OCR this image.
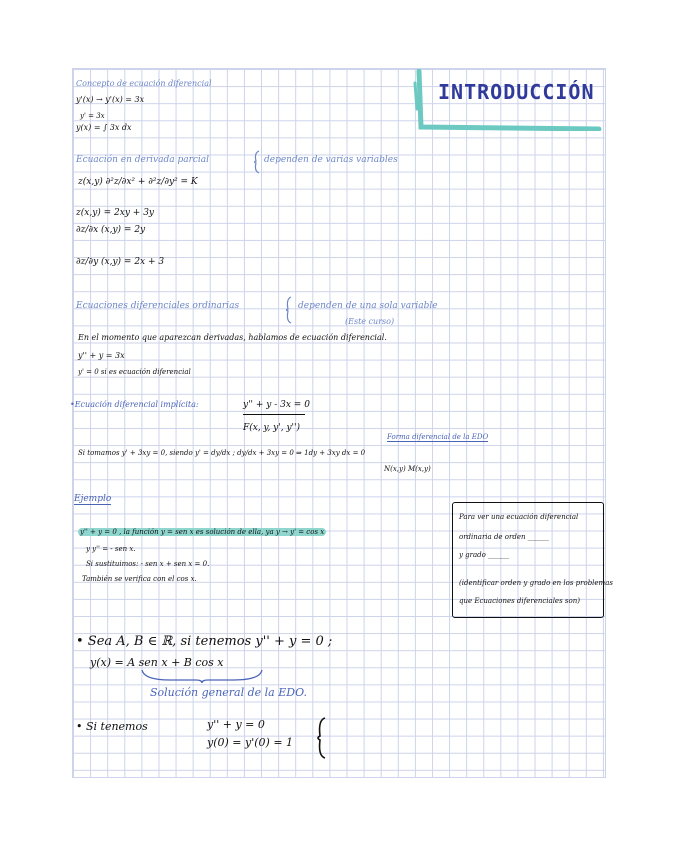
INTRODUCCIÓN
Concepto de ecuación diferencial
y'(x) → y'(x) = 3x
y' = 3x
y(x) = ∫ 3x dx
Ecuación en derivada parcial	dependen de varias variables
z(x,y) ∂²z/∂x² + ∂²z/∂y² = K
z(x,y) = 2xy + 3y
∂z/∂x (x,y) = 2y
∂z/∂y (x,y) = 2x + 3
Ecuaciones diferenciales ordinarias	dependen de una sola variable
(Este curso)
En el momento que aparezcan derivadas, hablamos de ecuación diferencial.
y'' + y = 3x
y' = 0 si es ecuación diferencial
•Ecuación diferencial implícita:	y'' + y - 3x = 0
F(x, y, y', y'')
Forma diferencial de la EDO
Si tomamos y' + 3xy = 0, siendo y' = dy/dx ; dy/dx + 3xy = 0 ⇒ 1dy + 3xy dx = 0
N(x,y) M(x,y)
Ejemplo
y'' + y = 0 , la función y = sen x es solución de ella, ya y → y' = cos x
y y'' = - sen x.
Si sustituimos: - sen x + sen x = 0.
También se verifica con el cos x.
Para ver una ecuación diferencial
ordinaria de orden ______
y grado ______
(identificar orden y grado en los problemas
que Ecuaciones diferenciales son)
• Sea A, B ∈ ℝ, si tenemos y'' + y = 0 ;
y(x) = A sen x + B cos x
Solución general de la EDO.
• Si tenemos	y'' + y = 0
y(0) = y'(0) = 1
